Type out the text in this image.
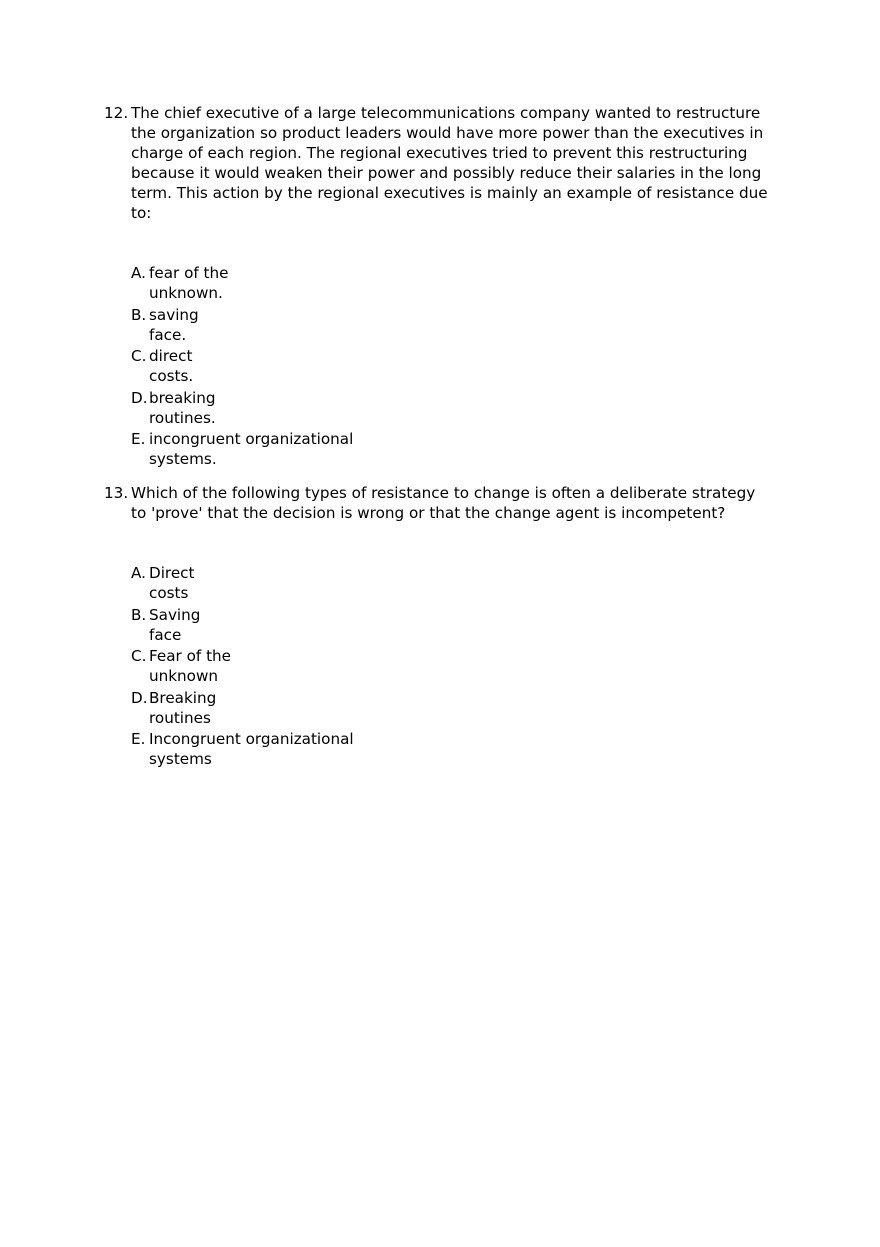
12. The chief executive of a large telecommunications company wanted to restructure the organization so product leaders would have more power than the executives in charge of each region. The regional executives tried to prevent this restructuring because it would weaken their power and possibly reduce their salaries in the long term. This action by the regional executives is mainly an example of resistance due to:
A. fear of the
unknown.
B. saving
face.
C. direct
costs.
D. breaking
routines.
E. incongruent organizational
systems.
13. Which of the following types of resistance to change is often a deliberate strategy to 'prove' that the decision is wrong or that the change agent is incompetent?
A. Direct
costs
B. Saving
face
C. Fear of the
unknown
D. Breaking
routines
E. Incongruent organizational
systems
